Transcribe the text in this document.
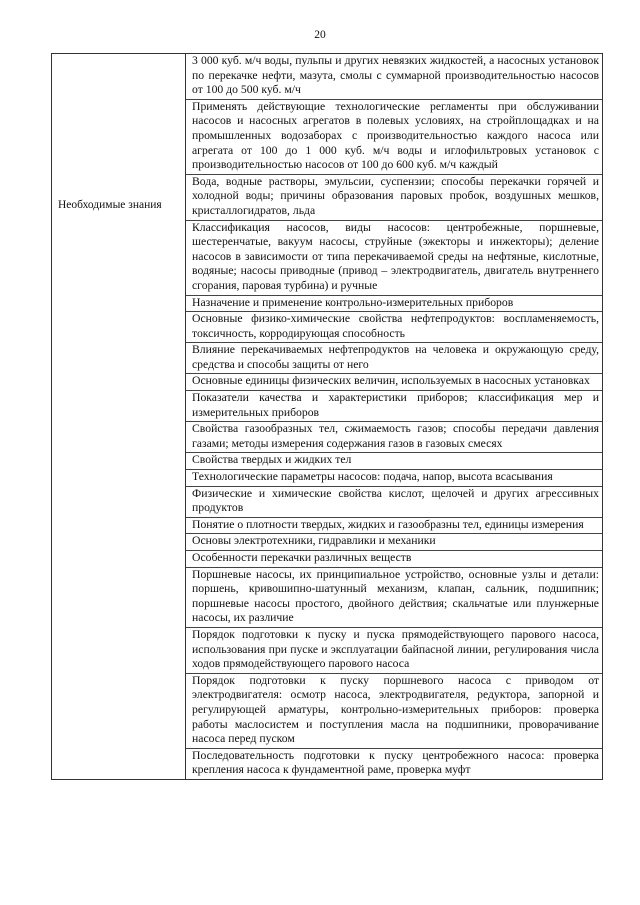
20
Необходимые знания

3 000 куб. м/ч воды, пульпы и других невязких жидкостей, а насосных установок по перекачке нефти, мазута, смолы с суммарной производительностью насосов от 100 до 500 куб. м/ч
Применять действующие технологические регламенты при обслуживании насосов и насосных агрегатов в полевых условиях, на стройплощадках и на промышленных водозаборах с производительностью каждого насоса или агрегата от 100 до 1 000 куб. м/ч воды и иглофильтровых установок с производительностью насосов от 100 до 600 куб. м/ч каждый
Вода, водные растворы, эмульсии, суспензии; способы перекачки горячей и холодной воды; причины образования паровых пробок, воздушных мешков, кристаллогидратов, льда
Классификация насосов, виды насосов: центробежные, поршневые, шестеренчатые, вакуум насосы, струйные (эжекторы и инжекторы); деление насосов в зависимости от типа перекачиваемой среды на нефтяные, кислотные, водяные; насосы приводные (привод – электродвигатель, двигатель внутреннего сгорания, паровая турбина) и ручные
Назначение и применение контрольно-измерительных приборов
Основные физико-химические свойства нефтепродуктов: воспламеняемость, токсичность, корродирующая способность
Влияние перекачиваемых нефтепродуктов на человека и окружающую среду, средства и способы защиты от него
Основные единицы физических величин, используемых в насосных установках
Показатели качества и характеристики приборов; классификация мер и измерительных приборов
Свойства газообразных тел, сжимаемость газов; способы передачи давления газами; методы измерения содержания газов в газовых смесях
Свойства твердых и жидких тел
Технологические параметры насосов: подача, напор, высота всасывания
Физические и химические свойства кислот, щелочей и других агрессивных продуктов
Понятие о плотности твердых, жидких и газообразны тел, единицы измерения
Основы электротехники, гидравлики и механики
Особенности перекачки различных веществ
Поршневые насосы, их принципиальное устройство, основные узлы и детали: поршень, кривошипно-шатунный механизм, клапан, сальник, подшипник; поршневые насосы простого, двойного действия; скальчатые или плунжерные насосы, их различие
Порядок подготовки к пуску и пуска прямодействующего парового насоса, использования при пуске и эксплуатации байпасной линии, регулирования числа ходов прямодействующего парового насоса
Порядок подготовки к пуску поршневого насоса с приводом от электродвигателя: осмотр насоса, электродвигателя, редуктора, запорной и регулирующей арматуры, контрольно-измерительных приборов: проверка работы маслосистем и поступления масла на подшипники, проворачивание насоса перед пуском
Последовательность подготовки к пуску центробежного насоса: проверка крепления насоса к фундаментной раме, проверка муфт
